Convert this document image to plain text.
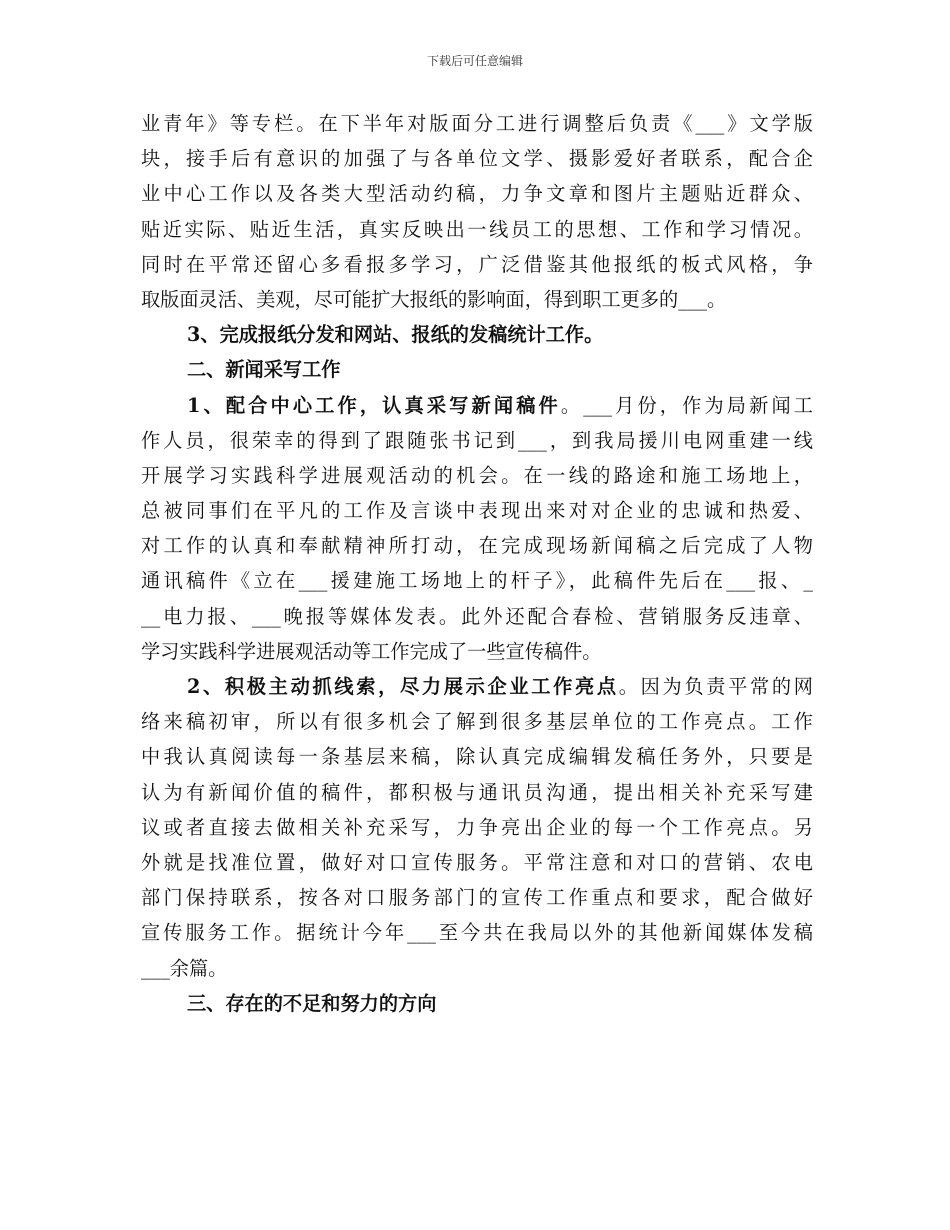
下载后可任意编辑
业青年》等专栏。在下半年对版面分工进行调整后负责《___》文学版
块，接手后有意识的加强了与各单位文学、摄影爱好者联系，配合企
业中心工作以及各类大型活动约稿，力争文章和图片主题贴近群众、
贴近实际、贴近生活，真实反映出一线员工的思想、工作和学习情况。
同时在平常还留心多看报多学习，广泛借鉴其他报纸的板式风格，争
取版面灵活、美观，尽可能扩大报纸的影响面，得到职工更多的___。
3、完成报纸分发和网站、报纸的发稿统计工作。
二、新闻采写工作
1、配合中心工作，认真采写新闻稿件。___月份，作为局新闻工
作人员，很荣幸的得到了跟随张书记到___，到我局援川电网重建一线
开展学习实践科学进展观活动的机会。在一线的路途和施工场地上，
总被同事们在平凡的工作及言谈中表现出来对对企业的忠诚和热爱、
对工作的认真和奉献精神所打动，在完成现场新闻稿之后完成了人物
通讯稿件《立在___援建施工场地上的杆子》，此稿件先后在___报、_
__电力报、___晚报等媒体发表。此外还配合春检、营销服务反违章、
学习实践科学进展观活动等工作完成了一些宣传稿件。
2、积极主动抓线索，尽力展示企业工作亮点。因为负责平常的网
络来稿初审，所以有很多机会了解到很多基层单位的工作亮点。工作
中我认真阅读每一条基层来稿，除认真完成编辑发稿任务外，只要是
认为有新闻价值的稿件，都积极与通讯员沟通，提出相关补充采写建
议或者直接去做相关补充采写，力争亮出企业的每一个工作亮点。另
外就是找准位置，做好对口宣传服务。平常注意和对口的营销、农电
部门保持联系，按各对口服务部门的宣传工作重点和要求，配合做好
宣传服务工作。据统计今年___至今共在我局以外的其他新闻媒体发稿
___余篇。
三、存在的不足和努力的方向
